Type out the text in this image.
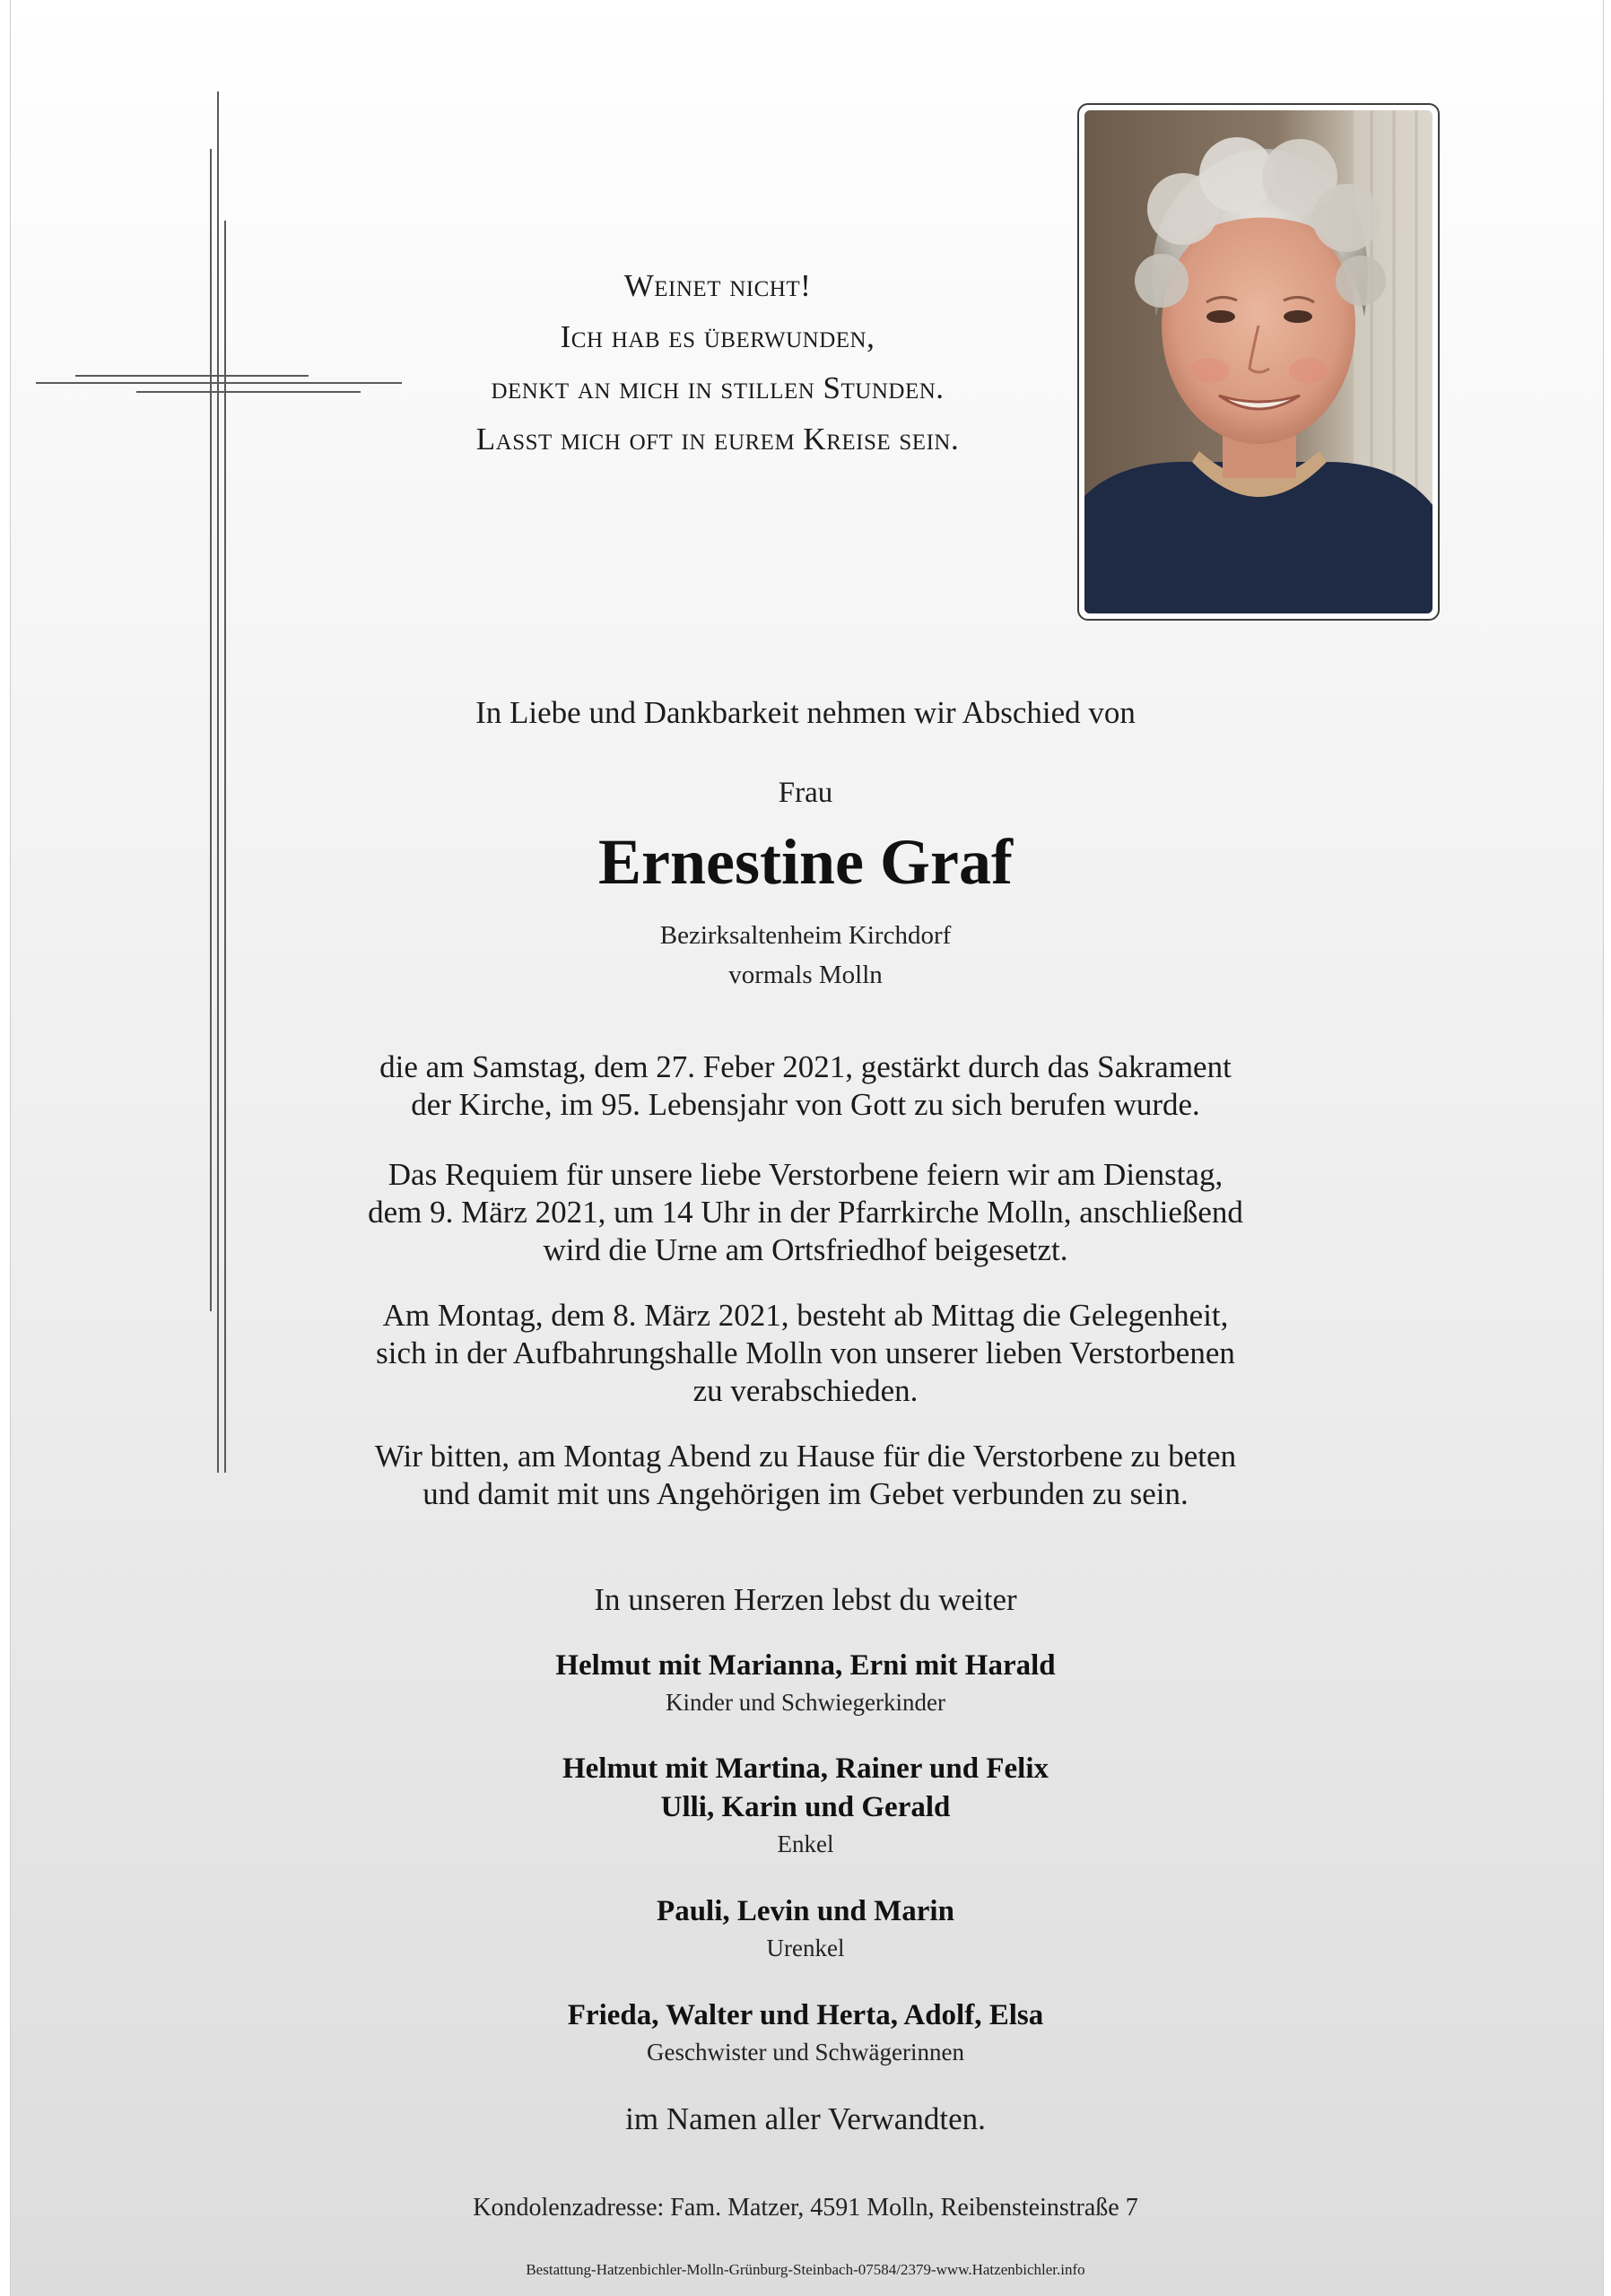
Weinet nicht!
Ich hab es überwunden,
denkt an mich in stillen Stunden.
Lasst mich oft in eurem Kreise sein.
In Liebe und Dankbarkeit nehmen wir Abschied von
Frau
Ernestine Graf
Bezirksaltenheim Kirchdorf
vormals Molln
die am Samstag, dem 27. Feber 2021, gestärkt durch das Sakrament
der Kirche, im 95. Lebensjahr von Gott zu sich berufen wurde.
Das Requiem für unsere liebe Verstorbene feiern wir am Dienstag,
dem 9. März 2021, um 14 Uhr in der Pfarrkirche Molln, anschließend
wird die Urne am Ortsfriedhof beigesetzt.
Am Montag, dem 8. März 2021, besteht ab Mittag die Gelegenheit,
sich in der Aufbahrungshalle Molln von unserer lieben Verstorbenen
zu verabschieden.
Wir bitten, am Montag Abend zu Hause für die Verstorbene zu beten
und damit mit uns Angehörigen im Gebet verbunden zu sein.
In unseren Herzen lebst du weiter
Helmut mit Marianna, Erni mit Harald
Kinder und Schwiegerkinder
Helmut mit Martina, Rainer und Felix
Ulli, Karin und Gerald
Enkel
Pauli, Levin und Marin
Urenkel
Frieda, Walter und Herta, Adolf, Elsa
Geschwister und Schwägerinnen
im Namen aller Verwandten.
Kondolenzadresse: Fam. Matzer, 4591 Molln, Reibensteinstraße 7
Bestattung-Hatzenbichler-Molln-Grünburg-Steinbach-07584/2379-www.Hatzenbichler.info
